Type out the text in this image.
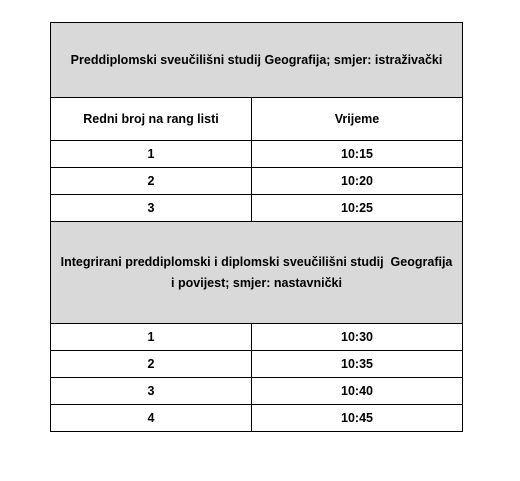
Preddiplomski sveučilišni studij Geografija; smjer: istraživački	
Redni broj na rang listi	Vrijeme
1	10:15
2	10:20
3	10:25
Integrirani preddiplomski i diplomski sveučilišni studij  Geografija
i povijest; smjer: nastavnički	
1	10:30
2	10:35
3	10:40
4	10:45
